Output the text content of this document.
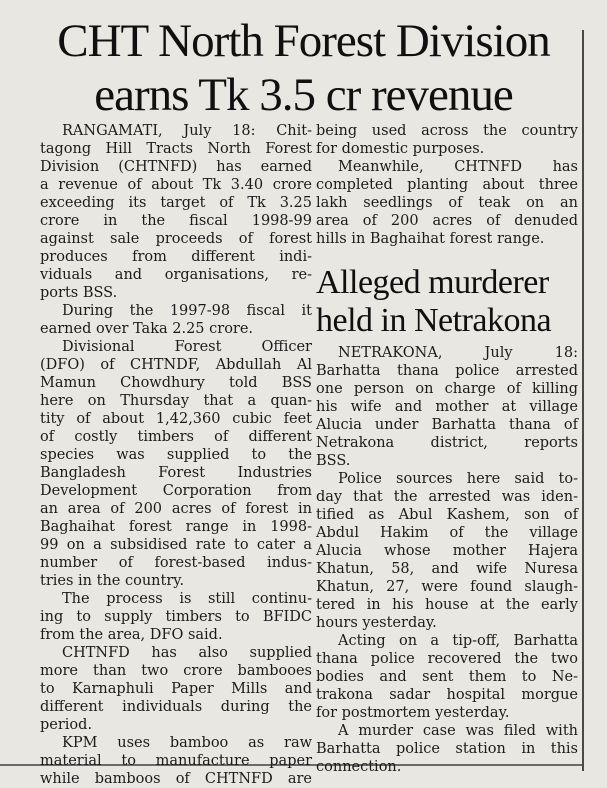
CHT North Forest Division
earns Tk 3.5 cr revenue
RANGAMATI, July 18: Chit-
tagong Hill Tracts North Forest
Division (CHTNFD) has earned
a revenue of about Tk 3.40 crore
exceeding its target of Tk 3.25
crore in the fiscal 1998-99
against sale proceeds of forest
produces from different indi-
viduals and organisations, re-
ports BSS.
During the 1997-98 fiscal it
earned over Taka 2.25 crore.
Divisional Forest Officer
(DFO) of CHTNDF, Abdullah Al
Mamun Chowdhury told BSS
here on Thursday that a quan-
tity of about 1,42,360 cubic feet
of costly timbers of different
species was supplied to the
Bangladesh Forest Industries
Development Corporation from
an area of 200 acres of forest in
Baghaihat forest range in 1998-
99 on a subsidised rate to cater a
number of forest-based indus-
tries in the country.
The process is still continu-
ing to supply timbers to BFIDC
from the area, DFO said.
CHTNFD has also supplied
more than two crore bambooes
to Karnaphuli Paper Mills and
different individuals during the
period.
KPM uses bamboo as raw
material to manufacture paper
while bamboos of CHTNFD are
being used across the country
for domestic purposes.
Meanwhile, CHTNFD has
completed planting about three
lakh seedlings of teak on an
area of 200 acres of denuded
hills in Baghaihat forest range.
Alleged murderer
held in Netrakona
NETRAKONA, July 18:
Barhatta thana police arrested
one person on charge of killing
his wife and mother at village
Alucia under Barhatta thana of
Netrakona district, reports
BSS.
Police sources here said to-
day that the arrested was iden-
tified as Abul Kashem, son of
Abdul Hakim of the village
Alucia whose mother Hajera
Khatun, 58, and wife Nuresa
Khatun, 27, were found slaugh-
tered in his house at the early
hours yesterday.
Acting on a tip-off, Barhatta
thana police recovered the two
bodies and sent them to Ne-
trakona sadar hospital morgue
for postmortem yesterday.
A murder case was filed with
Barhatta police station in this
connection.
